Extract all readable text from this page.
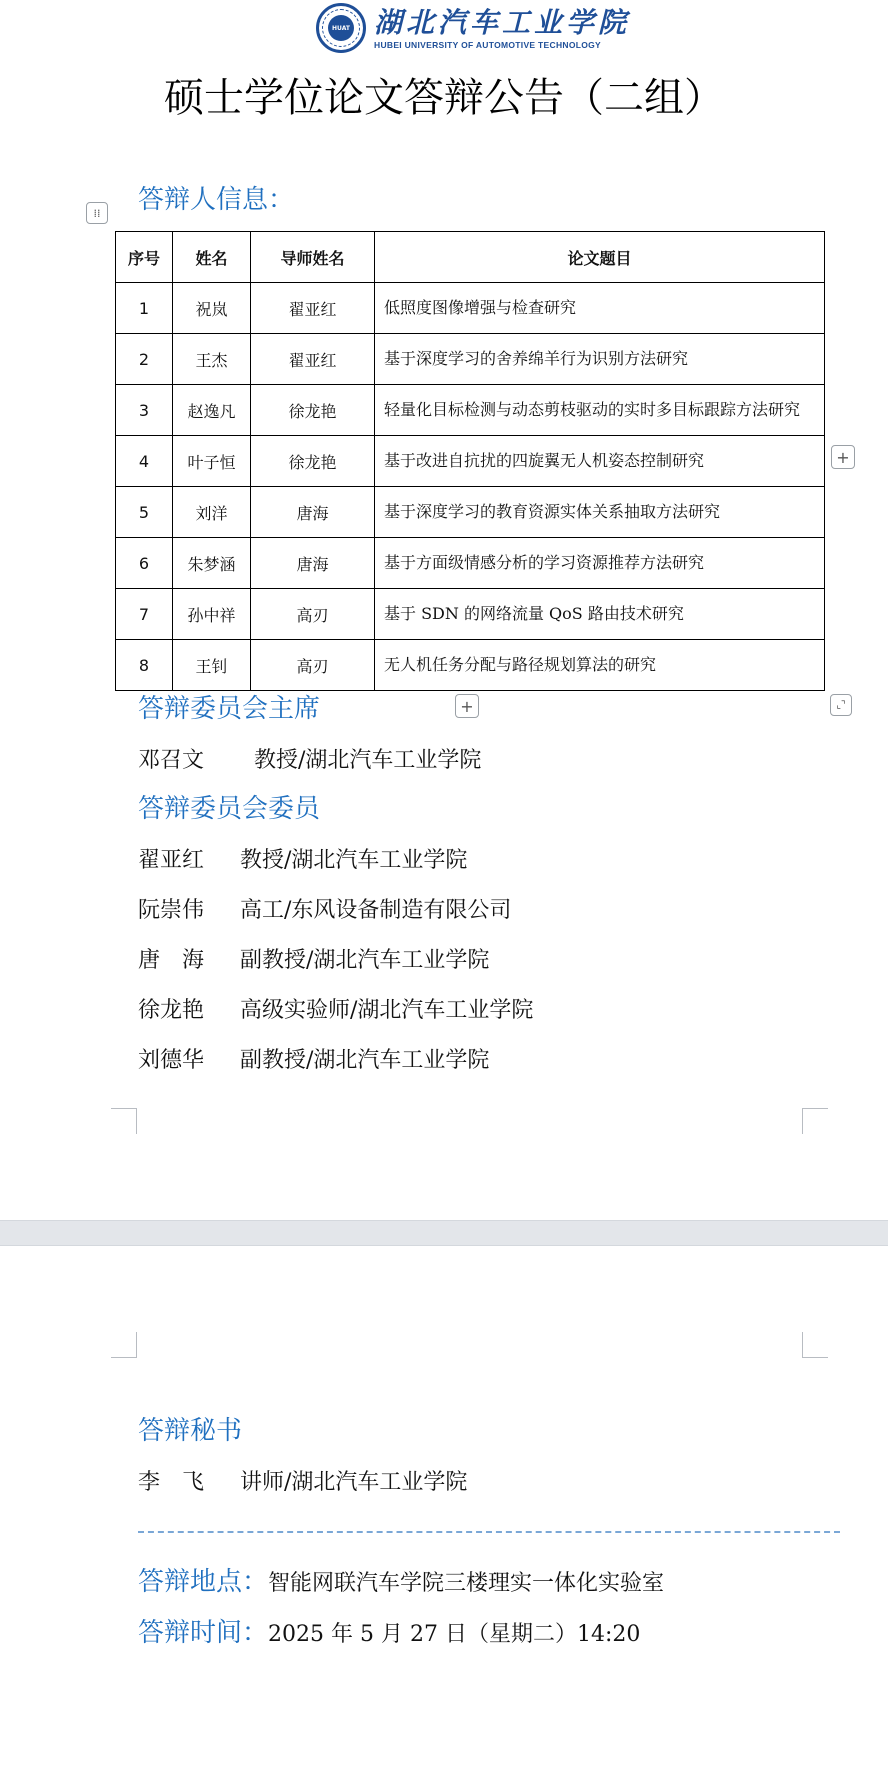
HUAT 湖北汽车工业学院
HUBEI UNIVERSITY OF AUTOMOTIVE TECHNOLOGY
硕士学位论文答辩公告（二组）
答辩人信息：
⁞⁞
序号	姓名	导师姓名	论文题目
1	祝岚	翟亚红	低照度图像增强与检查研究
2	王杰	翟亚红	基于深度学习的舍养绵羊行为识别方法研究
3	赵逸凡	徐龙艳	轻量化目标检测与动态剪枝驱动的实时多目标跟踪方法研究
4	叶子恒	徐龙艳	基于改进自抗扰的四旋翼无人机姿态控制研究
5	刘洋	唐海	基于深度学习的教育资源实体关系抽取方法研究
6	朱梦涵	唐海	基于方面级情感分析的学习资源推荐方法研究
7	孙中祥	高刃	基于 SDN 的网络流量 QoS 路由技术研究
8	王钊	高刃	无人机任务分配与路径规划算法的研究
+
+	⌞⌝
答辩委员会主席
邓召文 教授/湖北汽车工业学院
答辩委员会委员
翟亚红 教授/湖北汽车工业学院
阮崇伟 高工/东风设备制造有限公司
唐　海 副教授/湖北汽车工业学院
徐龙艳 高级实验师/湖北汽车工业学院
刘德华 副教授/湖北汽车工业学院
答辩秘书
李　飞 讲师/湖北汽车工业学院
答辩地点：智能网联汽车学院三楼理实一体化实验室
答辩时间：2025 年 5 月 27 日（星期二）14:20
